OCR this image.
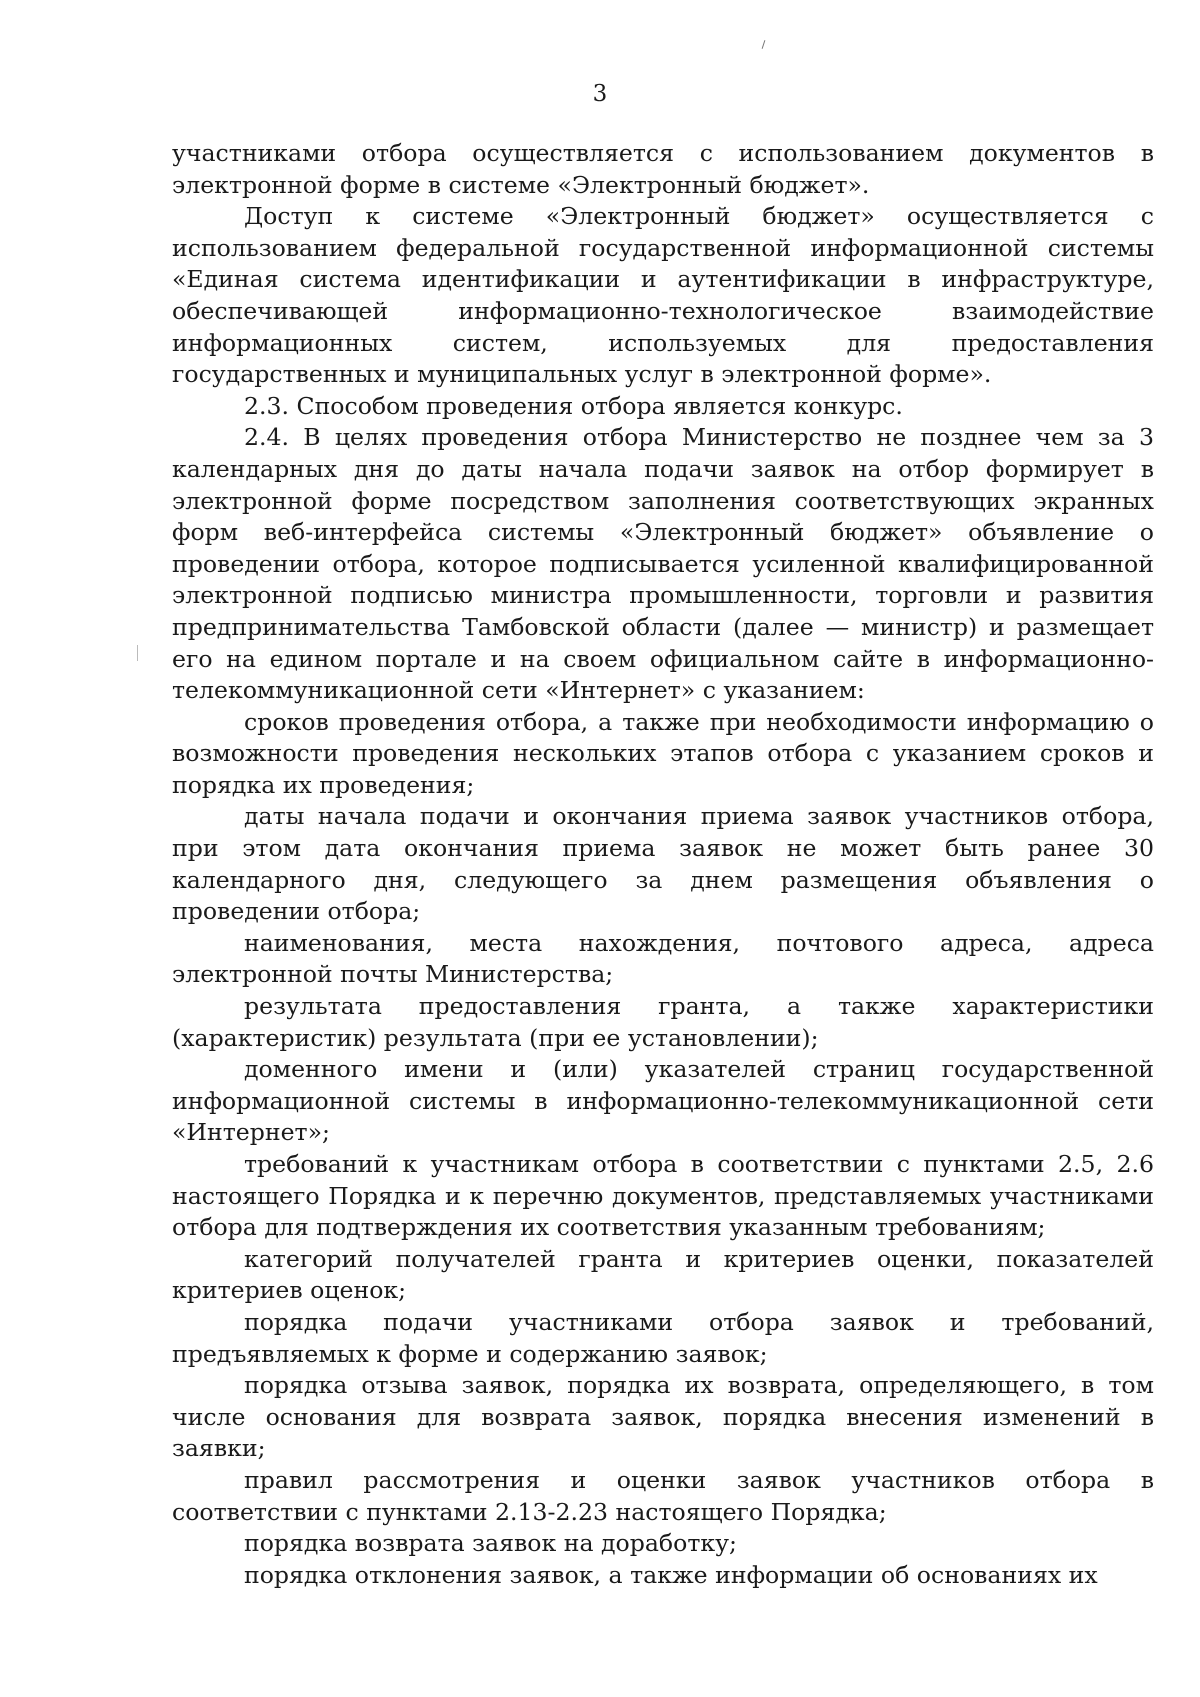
3

участниками отбора осуществляется с использованием документов в электронной форме в системе «Электронный бюджет».

Доступ к системе «Электронный бюджет» осуществляется с использованием федеральной государственной информационной системы «Единая система идентификации и аутентификации в инфраструктуре, обеспечивающей информационно-технологическое взаимодействие информационных систем, используемых для предоставления государственных и муниципальных услуг в электронной форме».

2.3. Способом проведения отбора является конкурс.

2.4. В целях проведения отбора Министерство не позднее чем за 3 календарных дня до даты начала подачи заявок на отбор формирует в электронной форме посредством заполнения соответствующих экранных форм веб-интерфейса системы «Электронный бюджет» объявление о проведении отбора, которое подписывается усиленной квалифицированной электронной подписью министра промышленности, торговли и развития предпринимательства Тамбовской области (далее — министр) и размещает его на едином портале и на своем официальном сайте в информационно-телекоммуникационной сети «Интернет» с указанием:

сроков проведения отбора, а также при необходимости информацию о возможности проведения нескольких этапов отбора с указанием сроков и порядка их проведения;

даты начала подачи и окончания приема заявок участников отбора, при этом дата окончания приема заявок не может быть ранее 30 календарного дня, следующего за днем размещения объявления о проведении отбора;

наименования, места нахождения, почтового адреса, адреса электронной почты Министерства;

результата предоставления гранта, а также характеристики (характеристик) результата (при ее установлении);

доменного имени и (или) указателей страниц государственной информационной системы в информационно-телекоммуникационной сети «Интернет»;

требований к участникам отбора в соответствии с пунктами 2.5, 2.6 настоящего Порядка и к перечню документов, представляемых участниками отбора для подтверждения их соответствия указанным требованиям;

категорий получателей гранта и критериев оценки, показателей критериев оценок;

порядка подачи участниками отбора заявок и требований, предъявляемых к форме и содержанию заявок;

порядка отзыва заявок, порядка их возврата, определяющего, в том числе основания для возврата заявок, порядка внесения изменений в заявки;

правил рассмотрения и оценки заявок участников отбора в соответствии с пунктами 2.13-2.23 настоящего Порядка;

порядка возврата заявок на доработку;

порядка отклонения заявок, а также информации об основаниях их
